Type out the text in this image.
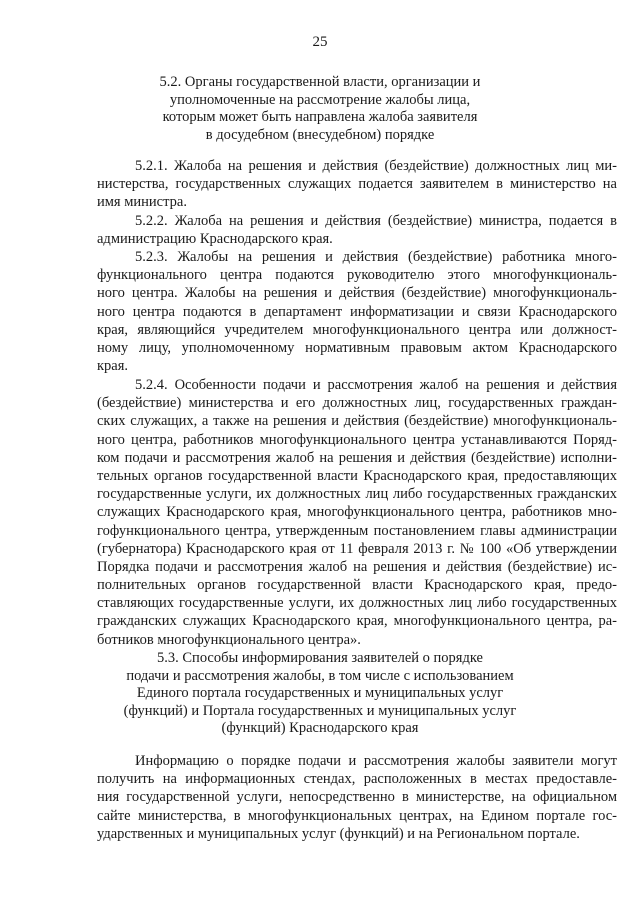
25
5.2. Органы государственной власти, организации и
уполномоченные на рассмотрение жалобы лица,
которым может быть направлена жалоба заявителя
в досудебном (внесудебном) порядке
5.2.1. Жалоба на решения и действия (бездействие) должностных лиц ми-
нистерства, государственных служащих подается заявителем в министерство на
имя министра.
5.2.2. Жалоба на решения и действия (бездействие) министра, подается в
администрацию Краснодарского края.
5.2.3. Жалобы на решения и действия (бездействие) работника много-
функционального центра подаются руководителю этого многофункциональ-
ного центра. Жалобы на решения и действия (бездействие) многофункциональ-
ного центра подаются в департамент информатизации и связи Краснодарского
края, являющийся учредителем многофункционального центра или должност-
ному лицу, уполномоченному нормативным правовым актом Краснодарского
края.
5.2.4. Особенности подачи и рассмотрения жалоб на решения и действия
(бездействие) министерства и его должностных лиц, государственных граждан-
ских служащих, а также на решения и действия (бездействие) многофункциональ-
ного центра, работников многофункционального центра устанавливаются Поряд-
ком подачи и рассмотрения жалоб на решения и действия (бездействие) исполни-
тельных органов государственной власти Краснодарского края, предоставляющих
государственные услуги, их должностных лиц либо государственных гражданских
служащих Краснодарского края, многофункционального центра, работников мно-
гофункционального центра, утвержденным постановлением главы администрации
(губернатора) Краснодарского края от 11 февраля 2013 г. № 100 «Об утверждении
Порядка подачи и рассмотрения жалоб на решения и действия (бездействие) ис-
полнительных органов государственной власти Краснодарского края, предо-
ставляющих государственные услуги, их должностных лиц либо государственных
гражданских служащих Краснодарского края, многофункционального центра, ра-
ботников многофункционального центра».
5.3. Способы информирования заявителей о порядке
подачи и рассмотрения жалобы, в том числе с использованием
Единого портала государственных и муниципальных услуг
(функций) и Портала государственных и муниципальных услуг
(функций) Краснодарского края
Информацию о порядке подачи и рассмотрения жалобы заявители могут
получить на информационных стендах, расположенных в местах предоставле-
ния государственной услуги, непосредственно в министерстве, на официальном
сайте министерства, в многофункциональных центрах, на Едином портале гос-
ударственных и муниципальных услуг (функций) и на Региональном портале.
